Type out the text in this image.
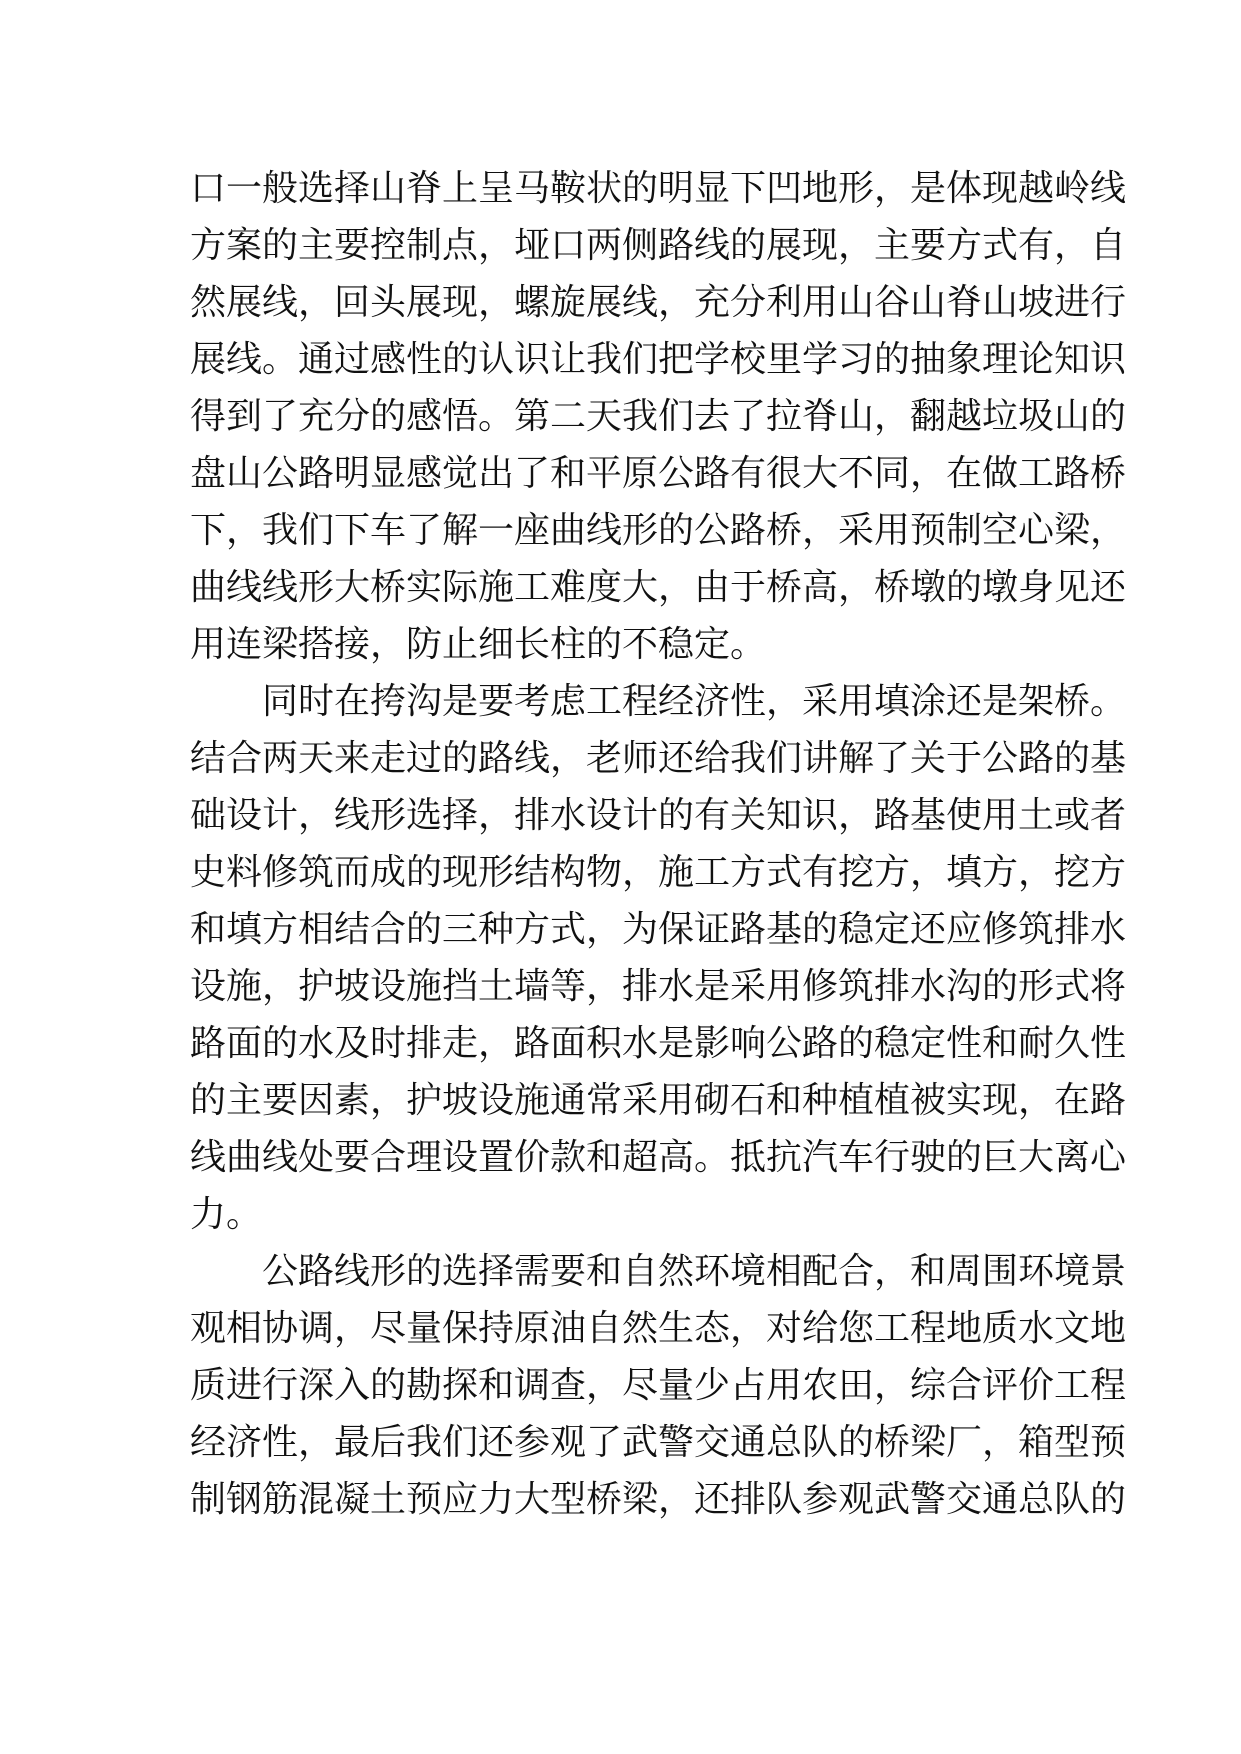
口一般选择山脊上呈马鞍状的明显下凹地形，是体现越岭线
方案的主要控制点，垭口两侧路线的展现，主要方式有，自
然展线，回头展现，螺旋展线，充分利用山谷山脊山坡进行
展线。通过感性的认识让我们把学校里学习的抽象理论知识
得到了充分的感悟。第二天我们去了拉脊山，翻越垃圾山的
盘山公路明显感觉出了和平原公路有很大不同，在做工路桥
下，我们下车了解一座曲线形的公路桥，采用预制空心梁，
曲线线形大桥实际施工难度大，由于桥高，桥墩的墩身见还
用连梁搭接，防止细长柱的不稳定。
同时在挎沟是要考虑工程经济性，采用填涂还是架桥。
结合两天来走过的路线，老师还给我们讲解了关于公路的基
础设计，线形选择，排水设计的有关知识，路基使用土或者
史料修筑而成的现形结构物，施工方式有挖方，填方，挖方
和填方相结合的三种方式，为保证路基的稳定还应修筑排水
设施，护坡设施挡土墙等，排水是采用修筑排水沟的形式将
路面的水及时排走，路面积水是影响公路的稳定性和耐久性
的主要因素，护坡设施通常采用砌石和种植植被实现，在路
线曲线处要合理设置价款和超高。抵抗汽车行驶的巨大离心
力。
公路线形的选择需要和自然环境相配合，和周围环境景
观相协调，尽量保持原油自然生态，对给您工程地质水文地
质进行深入的勘探和调查，尽量少占用农田，综合评价工程
经济性，最后我们还参观了武警交通总队的桥梁厂，箱型预
制钢筋混凝土预应力大型桥梁，还排队参观武警交通总队的
